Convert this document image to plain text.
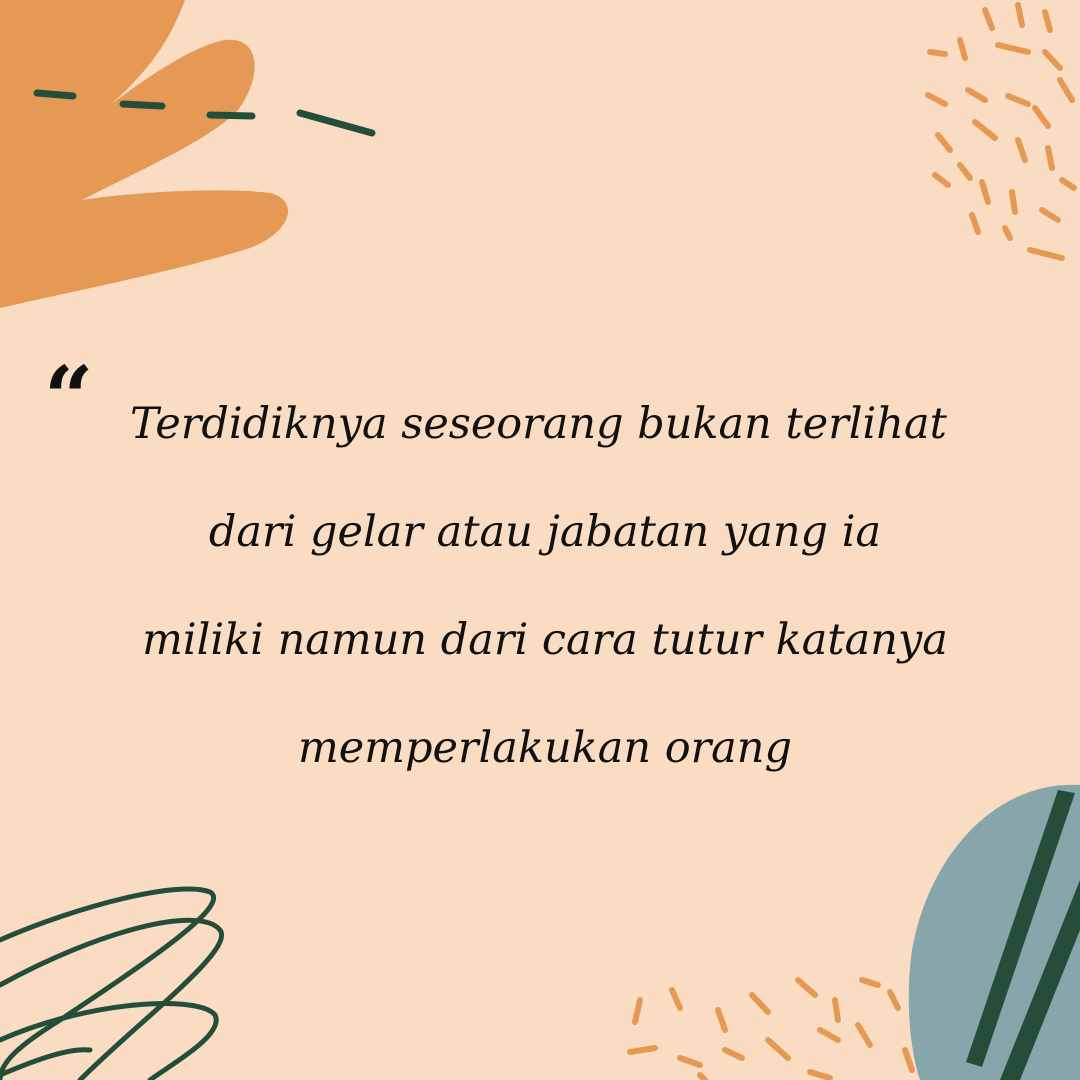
“ Terdidiknya seseorang bukan terlihat
dari gelar atau jabatan yang ia
miliki namun dari cara tutur katanya
memperlakukan orang
